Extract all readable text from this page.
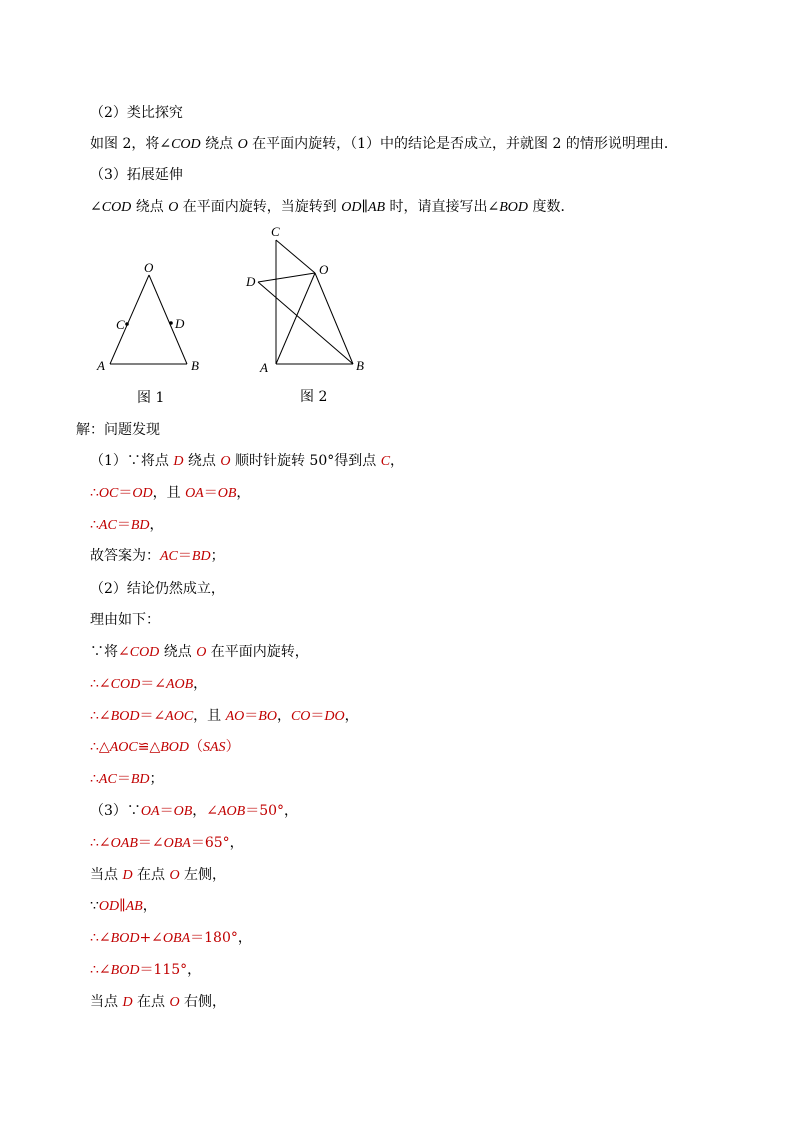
（2）类比探究
如图 2，将∠COD 绕点 O 在平面内旋转，（1）中的结论是否成立，并就图 2 的情形说明理由．
（3）拓展延伸
∠COD 绕点 O 在平面内旋转，当旋转到 OD∥AB 时，请直接写出∠BOD 度数．
O
C	D
A	B
图 1
C
O
D
A	B
图 2
解：问题发现
（1）∵将点 D 绕点 O 顺时针旋转 50°得到点 C，
∴OC＝OD，且 OA＝OB，
∴AC＝BD，
故答案为：AC＝BD；
（2）结论仍然成立，
理由如下：
∵将∠COD 绕点 O 在平面内旋转，
∴∠COD＝∠AOB，
∴∠BOD＝∠AOC，且 AO＝BO，CO＝DO，
∴△AOC≌△BOD（SAS）
∴AC＝BD；
（3）∵OA＝OB，∠AOB＝50°，
∴∠OAB＝∠OBA＝65°，
当点 D 在点 O 左侧，
∵OD∥AB，
∴∠BOD+∠OBA＝180°，
∴∠BOD＝115°，
当点 D 在点 O 右侧，
